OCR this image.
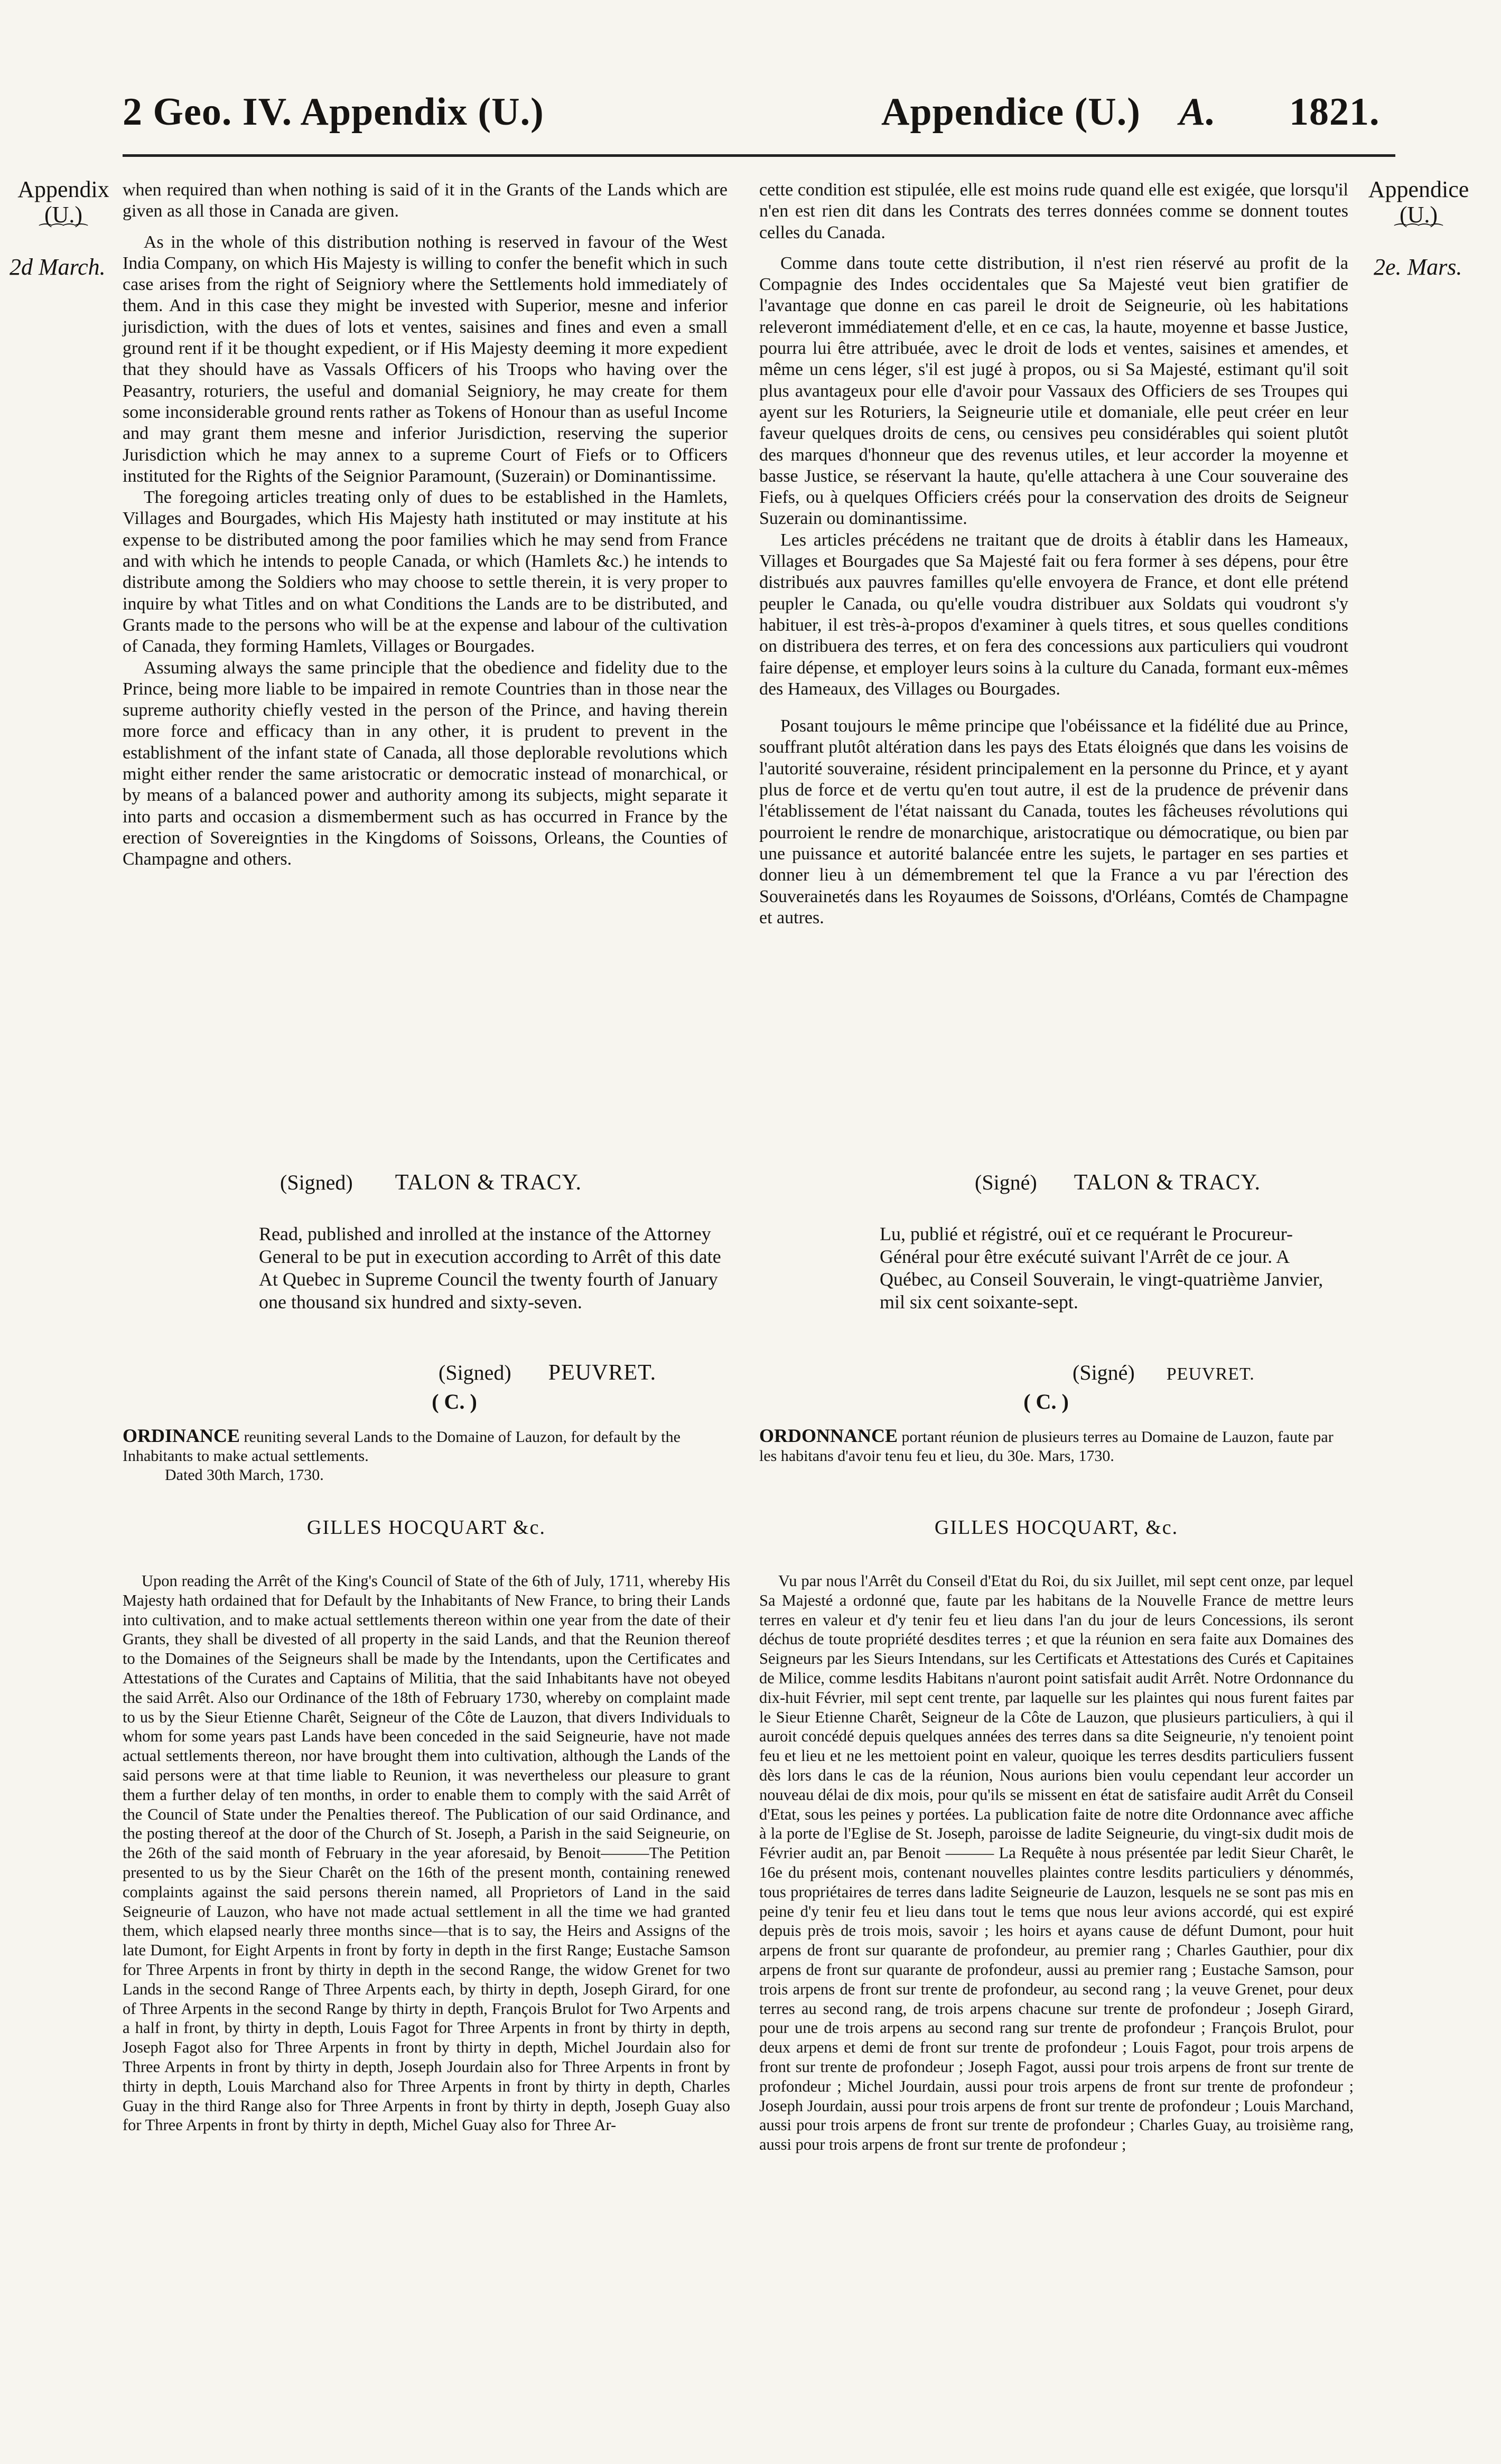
2 Geo. IV. Appendix (U.)	Appendice (U.) A. 1821.
Appendix
(U.)
⁀⁀⁀⁀
2d March.
Appendice
(U.)
⁀⁀⁀⁀
2e. Mars.

when required than when nothing is said of it in the Grants of the Lands which are given as all those in Canada are given.

As in the whole of this distribution nothing is reserved in favour of the West India Company, on which His Majesty is willing to confer the benefit which in such case arises from the right of Seigniory where the Settlements hold immediately of them. And in this case they might be invested with Superior, mesne and inferior jurisdiction, with the dues of lots et ventes, saisines and fines and even a small ground rent if it be thought expedient, or if His Majesty deeming it more expedient that they should have as Vassals Officers of his Troops who having over the Peasantry, roturiers, the useful and domanial Seigniory, he may create for them some inconsiderable ground rents rather as Tokens of Honour than as useful Income and may grant them mesne and inferior Jurisdiction, reserving the superior Jurisdiction which he may annex to a supreme Court of Fiefs or to Officers instituted for the Rights of the Seignior Paramount, (Suzerain) or Dominantissime.

The foregoing articles treating only of dues to be established in the Hamlets, Villages and Bourgades, which His Majesty hath instituted or may institute at his expense to be distributed among the poor families which he may send from France and with which he intends to people Canada, or which (Hamlets &c.) he intends to distribute among the Soldiers who may choose to settle therein, it is very proper to inquire by what Titles and on what Conditions the Lands are to be distributed, and Grants made to the persons who will be at the expense and labour of the cultivation of Canada, they forming Hamlets, Villages or Bourgades.

Assuming always the same principle that the obedience and fidelity due to the Prince, being more liable to be impaired in remote Countries than in those near the supreme authority chiefly vested in the person of the Prince, and having therein more force and efficacy than in any other, it is prudent to prevent in the establishment of the infant state of Canada, all those deplorable revolutions which might either render the same aristocratic or democratic instead of monarchical, or by means of a balanced power and authority among its subjects, might separate it into parts and occasion a dismemberment such as has occurred in France by the erection of Sovereignties in the Kingdoms of Soissons, Orleans, the Counties of Champagne and others.

cette condition est stipulée, elle est moins rude quand elle est exigée, que lorsqu'il n'en est rien dit dans les Contrats des terres données comme se donnent toutes celles du Canada.

Comme dans toute cette distribution, il n'est rien réservé au profit de la Compagnie des Indes occidentales que Sa Majesté veut bien gratifier de l'avantage que donne en cas pareil le droit de Seigneurie, où les habitations releveront immédiatement d'elle, et en ce cas, la haute, moyenne et basse Justice, pourra lui être attribuée, avec le droit de lods et ventes, saisines et amendes, et même un cens léger, s'il est jugé à propos, ou si Sa Majesté, estimant qu'il soit plus avantageux pour elle d'avoir pour Vassaux des Officiers de ses Troupes qui ayent sur les Roturiers, la Seigneurie utile et domaniale, elle peut créer en leur faveur quelques droits de cens, ou censives peu considérables qui soient plutôt des marques d'honneur que des revenus utiles, et leur accorder la moyenne et basse Justice, se réservant la haute, qu'elle attachera à une Cour souveraine des Fiefs, ou à quelques Officiers créés pour la conservation des droits de Seigneur Suzerain ou dominantissime.

Les articles précédens ne traitant que de droits à établir dans les Hameaux, Villages et Bourgades que Sa Majesté fait ou fera former à ses dépens, pour être distribués aux pauvres familles qu'elle envoyera de France, et dont elle prétend peupler le Canada, ou qu'elle voudra distribuer aux Soldats qui voudront s'y habituer, il est très-à-propos d'examiner à quels titres, et sous quelles conditions on distribuera des terres, et on fera des concessions aux particuliers qui voudront faire dépense, et employer leurs soins à la culture du Canada, formant eux-mêmes des Hameaux, des Villages ou Bourgades.

Posant toujours le même principe que l'obéissance et la fidélité due au Prince, souffrant plutôt altération dans les pays des Etats éloignés que dans les voisins de l'autorité souveraine, résident principalement en la personne du Prince, et y ayant plus de force et de vertu qu'en tout autre, il est de la prudence de prévenir dans l'établissement de l'état naissant du Canada, toutes les fâcheuses révolutions qui pourroient le rendre de monarchique, aristocratique ou démocratique, ou bien par une puissance et autorité balancée entre les sujets, le partager en ses parties et donner lieu à un démembrement tel que la France a vu par l'érection des Souverainetés dans les Royaumes de Soissons, d'Orléans, Comtés de Champagne et autres.

(Signed) TALON & TRACY.	(Signé) TALON & TRACY.
Read, published and inrolled at the instance of the Attorney General to be put in execution according to Arrêt of this date At Quebec in Supreme Council the twenty fourth of January one thousand six hundred and sixty-seven.
Lu, publié et régistré, ouï et ce requérant le Procureur-Général pour être exécuté suivant l'Arrêt de ce jour. A Québec, au Conseil Souverain, le vingt-quatrième Janvier, mil six cent soixante-sept.
(Signed) PEUVRET.	(Signé) PEUVRET.
( C. )	( C. )
ORDINANCE reuniting several Lands to the Domaine of Lauzon, for default by the Inhabitants to make actual settlements.
Dated 30th March, 1730.
ORDONNANCE portant réunion de plusieurs terres au Domaine de Lauzon, faute par les habitans d'avoir tenu feu et lieu, du 30e. Mars, 1730.
GILLES HOCQUART &c.	GILLES HOCQUART, &c.

Upon reading the Arrêt of the King's Council of State of the 6th of July, 1711, whereby His Majesty hath ordained that for Default by the Inhabitants of New France, to bring their Lands into cultivation, and to make actual settlements thereon within one year from the date of their Grants, they shall be divested of all property in the said Lands, and that the Reunion thereof to the Domaines of the Seigneurs shall be made by the Intendants, upon the Certificates and Attestations of the Curates and Captains of Militia, that the said Inhabitants have not obeyed the said Arrêt. Also our Ordinance of the 18th of February 1730, whereby on complaint made to us by the Sieur Etienne Charêt, Seigneur of the Côte de Lauzon, that divers Individuals to whom for some years past Lands have been conceded in the said Seigneurie, have not made actual settlements thereon, nor have brought them into cultivation, although the Lands of the said persons were at that time liable to Reunion, it was nevertheless our pleasure to grant them a further delay of ten months, in order to enable them to comply with the said Arrêt of the Council of State under the Penalties thereof. The Publication of our said Ordinance, and the posting thereof at the door of the Church of St. Joseph, a Parish in the said Seigneurie, on the 26th of the said month of February in the year aforesaid, by Benoit———The Petition presented to us by the Sieur Charêt on the 16th of the present month, containing renewed complaints against the said persons therein named, all Proprietors of Land in the said Seigneurie of Lauzon, who have not made actual settlement in all the time we had granted them, which elapsed nearly three months since—that is to say, the Heirs and Assigns of the late Dumont, for Eight Arpents in front by forty in depth in the first Range; Eustache Samson for Three Arpents in front by thirty in depth in the second Range, the widow Grenet for two Lands in the second Range of Three Arpents each, by thirty in depth, Joseph Girard, for one of Three Arpents in the second Range by thirty in depth, François Brulot for Two Arpents and a half in front, by thirty in depth, Louis Fagot for Three Arpents in front by thirty in depth, Joseph Fagot also for Three Arpents in front by thirty in depth, Michel Jourdain also for Three Arpents in front by thirty in depth, Joseph Jourdain also for Three Arpents in front by thirty in depth, Louis Marchand also for Three Arpents in front by thirty in depth, Charles Guay in the third Range also for Three Arpents in front by thirty in depth, Joseph Guay also for Three Arpents in front by thirty in depth, Michel Guay also for Three Ar-

Vu par nous l'Arrêt du Conseil d'Etat du Roi, du six Juillet, mil sept cent onze, par lequel Sa Majesté a ordonné que, faute par les habitans de la Nouvelle France de mettre leurs terres en valeur et d'y tenir feu et lieu dans l'an du jour de leurs Concessions, ils seront déchus de toute propriété desdites terres ; et que la réunion en sera faite aux Domaines des Seigneurs par les Sieurs Intendans, sur les Certificats et Attestations des Curés et Capitaines de Milice, comme lesdits Habitans n'auront point satisfait audit Arrêt. Notre Ordonnance du dix-huit Février, mil sept cent trente, par laquelle sur les plaintes qui nous furent faites par le Sieur Etienne Charêt, Seigneur de la Côte de Lauzon, que plusieurs particuliers, à qui il auroit concédé depuis quelques années des terres dans sa dite Seigneurie, n'y tenoient point feu et lieu et ne les mettoient point en valeur, quoique les terres desdits particuliers fussent dès lors dans le cas de la réunion, Nous aurions bien voulu cependant leur accorder un nouveau délai de dix mois, pour qu'ils se missent en état de satisfaire audit Arrêt du Conseil d'Etat, sous les peines y portées. La publication faite de notre dite Ordonnance avec affiche à la porte de l'Eglise de St. Joseph, paroisse de ladite Seigneurie, du vingt-six dudit mois de Février audit an, par Benoit ——— La Requête à nous présentée par ledit Sieur Charêt, le 16e du présent mois, contenant nouvelles plaintes contre lesdits particuliers y dénommés, tous propriétaires de terres dans ladite Seigneurie de Lauzon, lesquels ne se sont pas mis en peine d'y tenir feu et lieu dans tout le tems que nous leur avions accordé, qui est expiré depuis près de trois mois, savoir ; les hoirs et ayans cause de défunt Dumont, pour huit arpens de front sur quarante de profondeur, au premier rang ; Charles Gauthier, pour dix arpens de front sur quarante de profondeur, aussi au premier rang ; Eustache Samson, pour trois arpens de front sur trente de profondeur, au second rang ; la veuve Grenet, pour deux terres au second rang, de trois arpens chacune sur trente de profondeur ; Joseph Girard, pour une de trois arpens au second rang sur trente de profondeur ; François Brulot, pour deux arpens et demi de front sur trente de profondeur ; Louis Fagot, pour trois arpens de front sur trente de profondeur ; Joseph Fagot, aussi pour trois arpens de front sur trente de profondeur ; Michel Jourdain, aussi pour trois arpens de front sur trente de profondeur ; Joseph Jourdain, aussi pour trois arpens de front sur trente de profondeur ; Louis Marchand, aussi pour trois arpens de front sur trente de profondeur ; Charles Guay, au troisième rang, aussi pour trois arpens de front sur trente de profondeur ;
